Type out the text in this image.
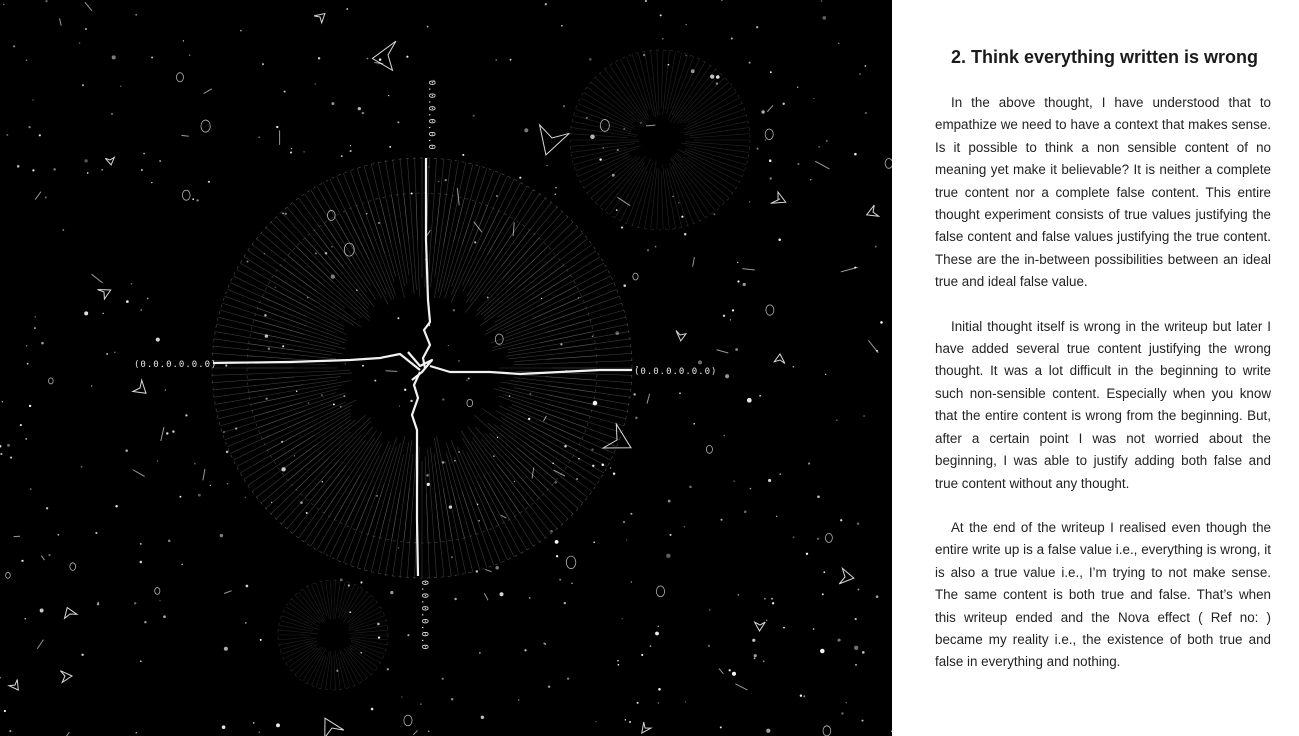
(0.0.0.0.0.0)
(0.0.0.0.0.0)
0.0.0.0.0.0
0.0.0.0.0.0
2. Think everything written is wrong

In the above thought, I have understood that to empathize we need to have a context that makes sense. Is it possible to think a non sensible content of no meaning yet make it believable? It is neither a complete true content nor a complete false content. This entire thought experiment consists of true values justifying the false content and false values justifying the true content. These are the in-between possibilities between an ideal true and ideal false value.

Initial thought itself is wrong in the writeup but later I have added several true content justifying the wrong thought. It was a lot difficult in the beginning to write such non-sensible content. Especially when you know that the entire content is wrong from the beginning. But, after a certain point I was not worried about the beginning, I was able to justify adding both false and true content without any thought.

At the end of the writeup I realised even though the entire write up is a false value i.e., everything is wrong, it is also a true value i.e., I’m trying to not make sense. The same content is both true and false. That’s when this writeup ended and the Nova effect ( Ref no: ) became my reality i.e., the existence of both true and false in everything and nothing.
